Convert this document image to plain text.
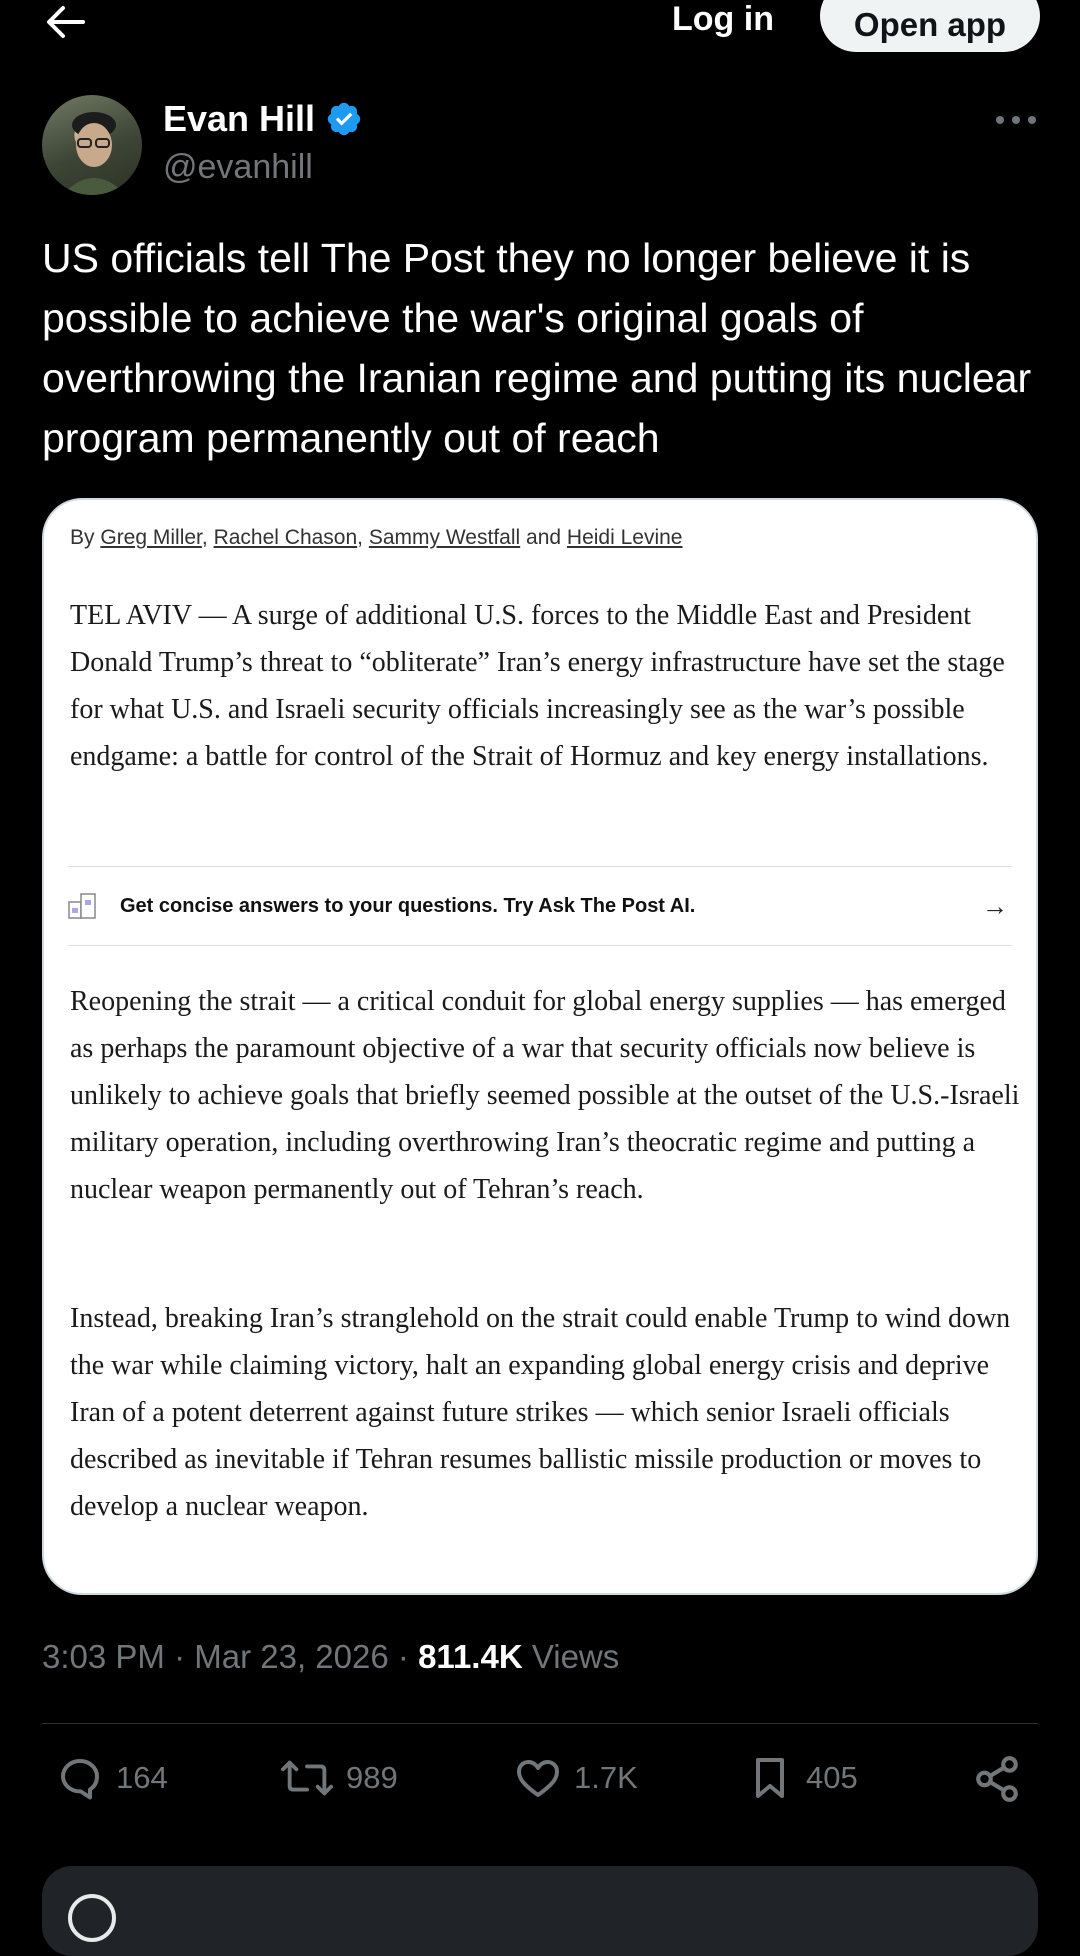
Log in	Open app
Evan Hill
@evanhill
US officials tell The Post they no longer believe it is possible to achieve the war's original goals of overthrowing the Iranian regime and putting its nuclear program permanently out of reach
By Greg Miller, Rachel Chason, Sammy Westfall and Heidi Levine
TEL AVIV — A surge of additional U.S. forces to the Middle East and President Donald Trump’s threat to “obliterate” Iran’s energy infrastructure have set the stage for what U.S. and Israeli security officials increasingly see as the war’s possible endgame: a battle for control of the Strait of Hormuz and key energy installations.
Get concise answers to your questions. Try Ask The Post AI.	→
Reopening the strait — a critical conduit for global energy supplies — has emerged as perhaps the paramount objective of a war that security officials now believe is unlikely to achieve goals that briefly seemed possible at the outset of the U.S.-Israeli military operation, including overthrowing Iran’s theocratic regime and putting a nuclear weapon permanently out of Tehran’s reach.
Instead, breaking Iran’s stranglehold on the strait could enable Trump to wind down the war while claiming victory, halt an expanding global energy crisis and deprive Iran of a potent deterrent against future strikes — which senior Israeli officials described as inevitable if Tehran resumes ballistic missile production or moves to develop a nuclear weapon.
3:03 PM · Mar 23, 2026 · 811.4K Views
164	989	1.7K	405
